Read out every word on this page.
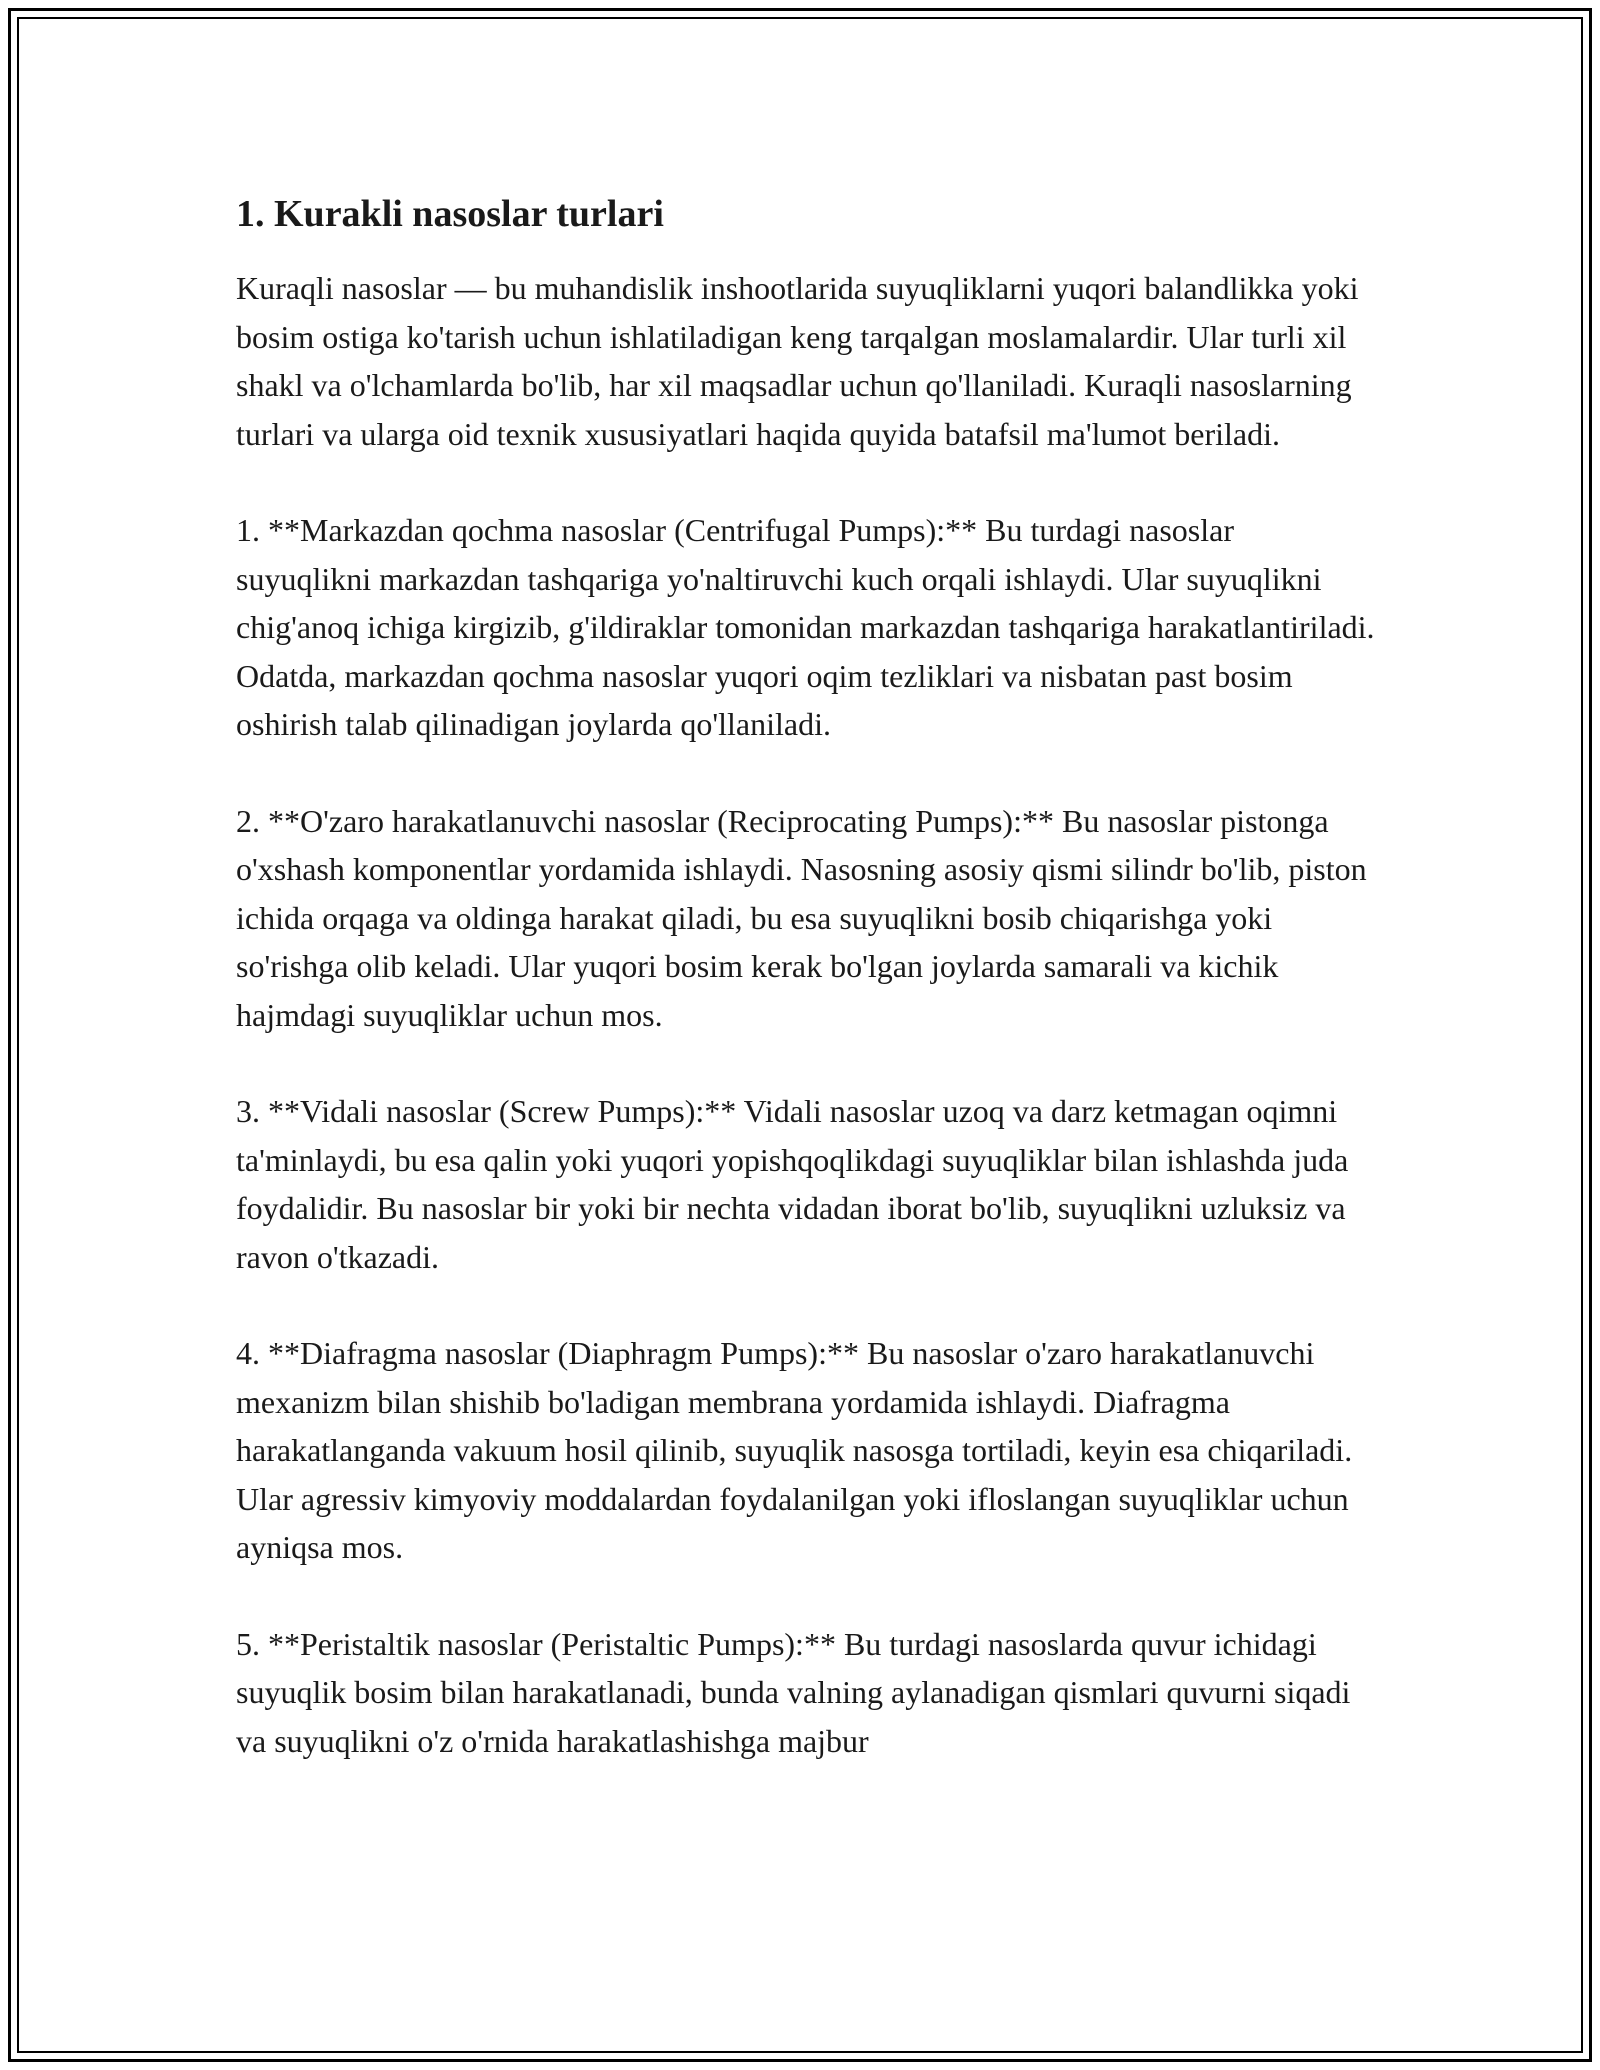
1. Kurakli nasoslar turlari

Kuraqli nasoslar — bu muhandislik inshootlarida suyuqliklarni yuqori balandlikka yoki bosim ostiga ko'tarish uchun ishlatiladigan keng tarqalgan moslamalardir. Ular turli xil shakl va o'lchamlarda bo'lib, har xil maqsadlar uchun qo'llaniladi. Kuraqli nasoslarning turlari va ularga oid texnik xususiyatlari haqida quyida batafsil ma'lumot beriladi.

1. **Markazdan qochma nasoslar (Centrifugal Pumps):** Bu turdagi nasoslar suyuqlikni markazdan tashqariga yo'naltiruvchi kuch orqali ishlaydi. Ular suyuqlikni chig'anoq ichiga kirgizib, g'ildiraklar tomonidan markazdan tashqariga harakatlantiriladi. Odatda, markazdan qochma nasoslar yuqori oqim tezliklari va nisbatan past bosim oshirish talab qilinadigan joylarda qo'llaniladi.

2. **O'zaro harakatlanuvchi nasoslar (Reciprocating Pumps):** Bu nasoslar pistonga o'xshash komponentlar yordamida ishlaydi. Nasosning asosiy qismi silindr bo'lib, piston ichida orqaga va oldinga harakat qiladi, bu esa suyuqlikni bosib chiqarishga yoki so'rishga olib keladi. Ular yuqori bosim kerak bo'lgan joylarda samarali va kichik hajmdagi suyuqliklar uchun mos.

3. **Vidali nasoslar (Screw Pumps):** Vidali nasoslar uzoq va darz ketmagan oqimni ta'minlaydi, bu esa qalin yoki yuqori yopishqoqlikdagi suyuqliklar bilan ishlashda juda foydalidir. Bu nasoslar bir yoki bir nechta vidadan iborat bo'lib, suyuqlikni uzluksiz va ravon o'tkazadi.

4. **Diafragma nasoslar (Diaphragm Pumps):** Bu nasoslar o'zaro harakatlanuvchi mexanizm bilan shishib bo'ladigan membrana yordamida ishlaydi. Diafragma harakatlanganda vakuum hosil qilinib, suyuqlik nasosga tortiladi, keyin esa chiqariladi. Ular agressiv kimyoviy moddalardan foydalanilgan yoki ifloslangan suyuqliklar uchun ayniqsa mos.

5. **Peristaltik nasoslar (Peristaltic Pumps):** Bu turdagi nasoslarda quvur ichidagi suyuqlik bosim bilan harakatlanadi, bunda valning aylanadigan qismlari quvurni siqadi va suyuqlikni o'z o'rnida harakatlashishga majbur
